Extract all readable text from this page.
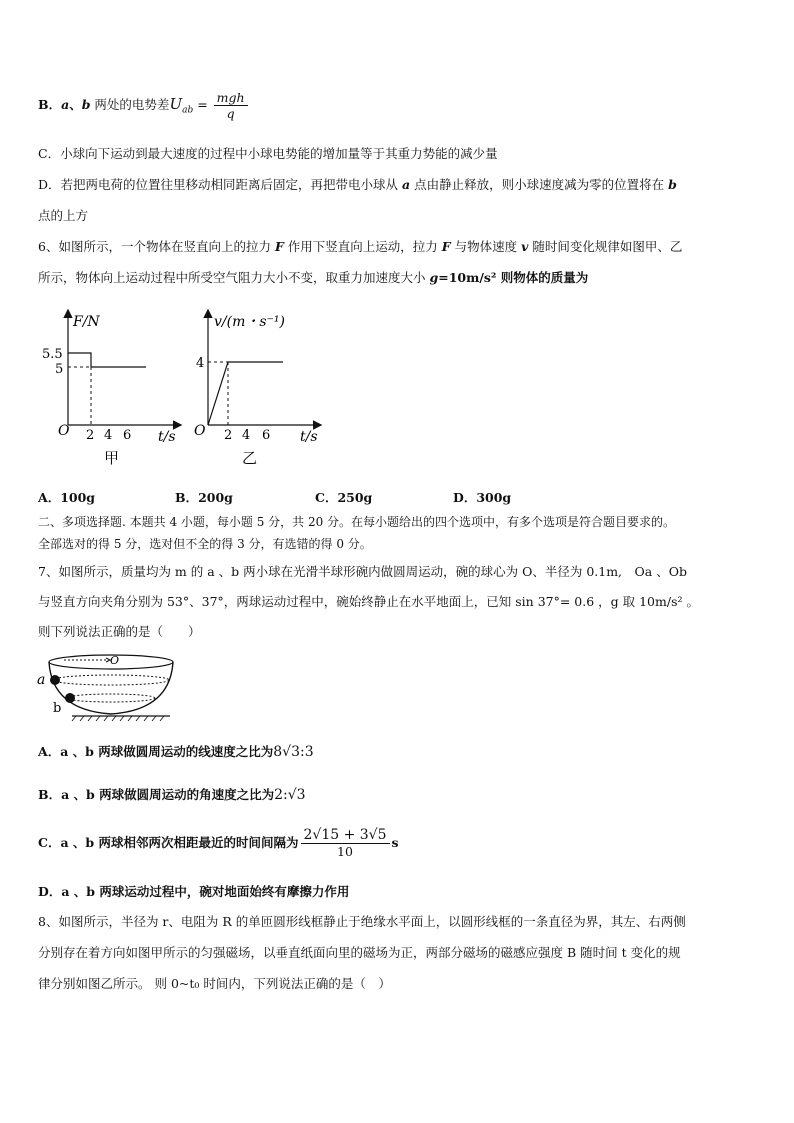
B．a、b 两处的电势差$U_{ab} = \frac{\text{mgh}}{q}$
C．小球向下运动到最大速度的过程中小球电势能的增加量等于其重力势能的减少量
D．若把两电荷的位置往里移动相同距离后固定，再把带电小球从 a 点由静止释放，则小球速度减为零的位置将在 b
点的上方
6、如图所示，一个物体在竖直向上的拉力 F 作用下竖直向上运动，拉力 F 与物体速度 v 随时间变化规律如图甲、乙
所示，物体向上运动过程中所受空气阻力大小不变，取重力加速度大小 g=10m/s² 则物体的质量为
F/N
t/s
O
5.5
5
2 4 6
甲
v/(m・s⁻¹)
t/s
O
4
2 4 6
乙
A．100g	B．200g	C．250g	D．300g
二、多项选择题. 本题共 4 小题，每小题 5 分，共 20 分。在每小题给出的四个选项中，有多个选项是符合题目要求的。
全部选对的得 5 分，选对但不全的得 3 分，有选错的得 0 分。
7、如图所示，质量均为 m 的 a 、b 两小球在光滑半球形碗内做圆周运动，碗的球心为 O、半径为 0.1m,　Oa 、Ob
与竖直方向夹角分别为 53°、37°，两球运动过程中，碗始终静止在水平地面上，已知 sin 37°= 0.6 ，g 取 10m/s² 。
则下列说法正确的是（　　）
O
a
b
A．a 、b 两球做圆周运动的线速度之比为8√3:3
B．a 、b 两球做圆周运动的角速度之比为2:√3
C．a 、b 两球相邻两次相距最近的时间间隔为 $\frac{2√15 + 3√5}{10}$ s
D．a 、b 两球运动过程中，碗对地面始终有摩擦力作用
8、如图所示，半径为 r、电阻为 R 的单匝圆形线框静止于绝缘水平面上，以圆形线框的一条直径为界，其左、右两侧
分别存在着方向如图甲所示的匀强磁场，以垂直纸面向里的磁场为正，两部分磁场的磁感应强度 B 随时间 t 变化的规
律分别如图乙所示。 则 0~t₀ 时间内，下列说法正确的是（　）
